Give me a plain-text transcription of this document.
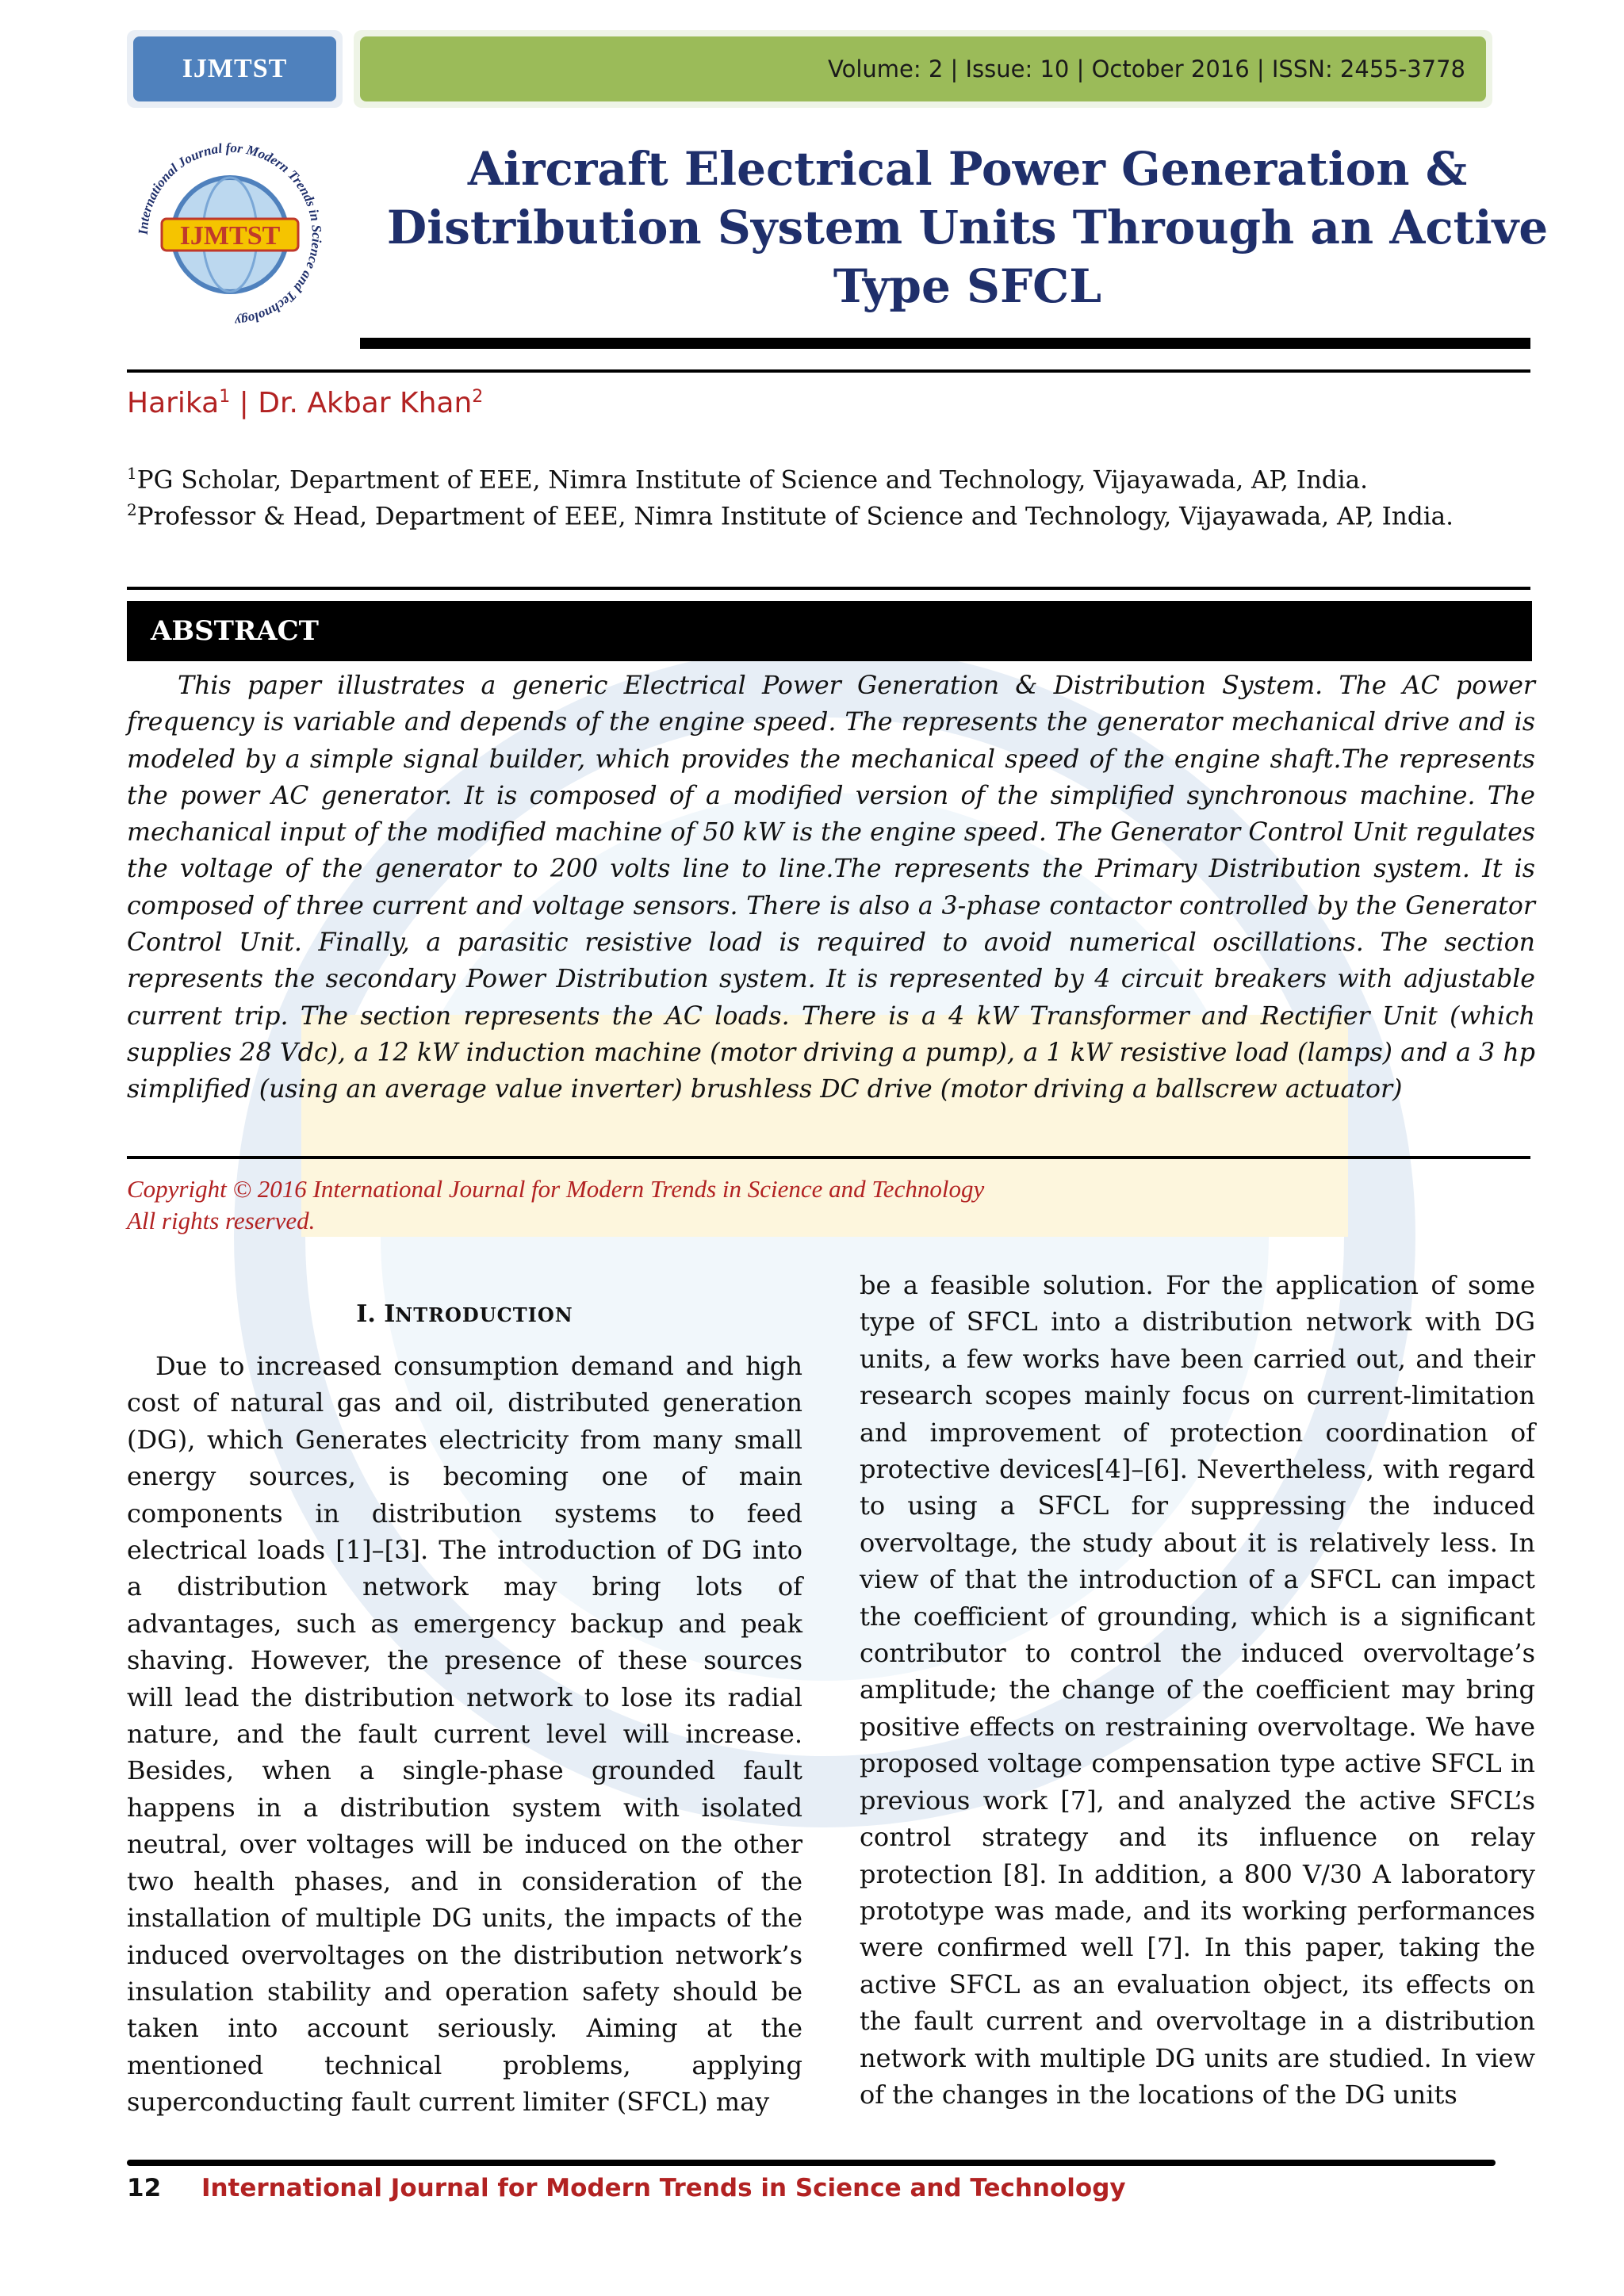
IJMTST	Volume: 2 | Issue: 10 | October 2016 | ISSN: 2455-3778
IJMTST
International Journal for Modern Trends in Science and Technology
Aircraft Electrical Power Generation &
Distribution System Units Through an Active
Type SFCL
Harika$^1$ | Dr. Akbar Khan$^2$
$^1$PG Scholar, Department of EEE, Nimra Institute of Science and Technology, Vijayawada, AP, India.
$^2$Professor & Head, Department of EEE, Nimra Institute of Science and Technology, Vijayawada, AP, India.
ABSTRACT

This paper illustrates a generic Electrical Power Generation & Distribution System. The AC power frequency is variable and depends of the engine speed. The represents the generator mechanical drive and is modeled by a simple signal builder, which provides the mechanical speed of the engine shaft.The represents the power AC generator. It is composed of a modified version of the simplified synchronous machine. The mechanical input of the modified machine of 50 kW is the engine speed. The Generator Control Unit regulates the voltage of the generator to 200 volts line to line.The represents the Primary Distribution system. It is composed of three current and voltage sensors. There is also a 3-phase contactor controlled by the Generator Control Unit. Finally, a parasitic resistive load is required to avoid numerical oscillations. The section represents the secondary Power Distribution system. It is represented by 4 circuit breakers with adjustable current trip. The section represents the AC loads. There is a 4 kW Transformer and Rectifier Unit (which supplies 28 Vdc), a 12 kW induction machine (motor driving a pump), a 1 kW resistive load (lamps) and a 3 hp simplified (using an average value inverter) brushless DC drive (motor driving a ballscrew actuator)

Copyright © 2016 International Journal for Modern Trends in Science and Technology
All rights reserved.
I. INTRODUCTION

Due to increased consumption demand and high cost of natural gas and oil, distributed generation (DG), which Generates electricity from many small energy sources, is becoming one of main components in distribution systems to feed electrical loads [1]–[3]. The introduction of DG into a distribution network may bring lots of advantages, such as emergency backup and peak shaving. However, the presence of these sources will lead the distribution network to lose its radial nature, and the fault current level will increase. Besides, when a single-phase grounded fault happens in a distribution system with isolated neutral, over voltages will be induced on the other two health phases, and in consideration of the installation of multiple DG units, the impacts of the induced overvoltages on the distribution network’s insulation stability and operation safety should be taken into account seriously. Aiming at the mentioned technical problems, applying superconducting fault current limiter (SFCL) may

be a feasible solution. For the application of some type of SFCL into a distribution network with DG units, a few works have been carried out, and their research scopes mainly focus on current-limitation and improvement of protection coordination of protective devices[4]–[6]. Nevertheless, with regard to using a SFCL for suppressing the induced overvoltage, the study about it is relatively less. In view of that the introduction of a SFCL can impact the coefficient of grounding, which is a significant contributor to control the induced overvoltage’s amplitude; the change of the coefficient may bring positive effects on restraining overvoltage. We have proposed voltage compensation type active SFCL in previous work [7], and analyzed the active SFCL’s control strategy and its influence on relay protection [8]. In addition, a 800 V/30 A laboratory prototype was made, and its working performances were confirmed well [7]. In this paper, taking the active SFCL as an evaluation object, its effects on the fault current and overvoltage in a distribution network with multiple DG units are studied. In view of the changes in the locations of the DG units

12 International Journal for Modern Trends in Science and Technology
